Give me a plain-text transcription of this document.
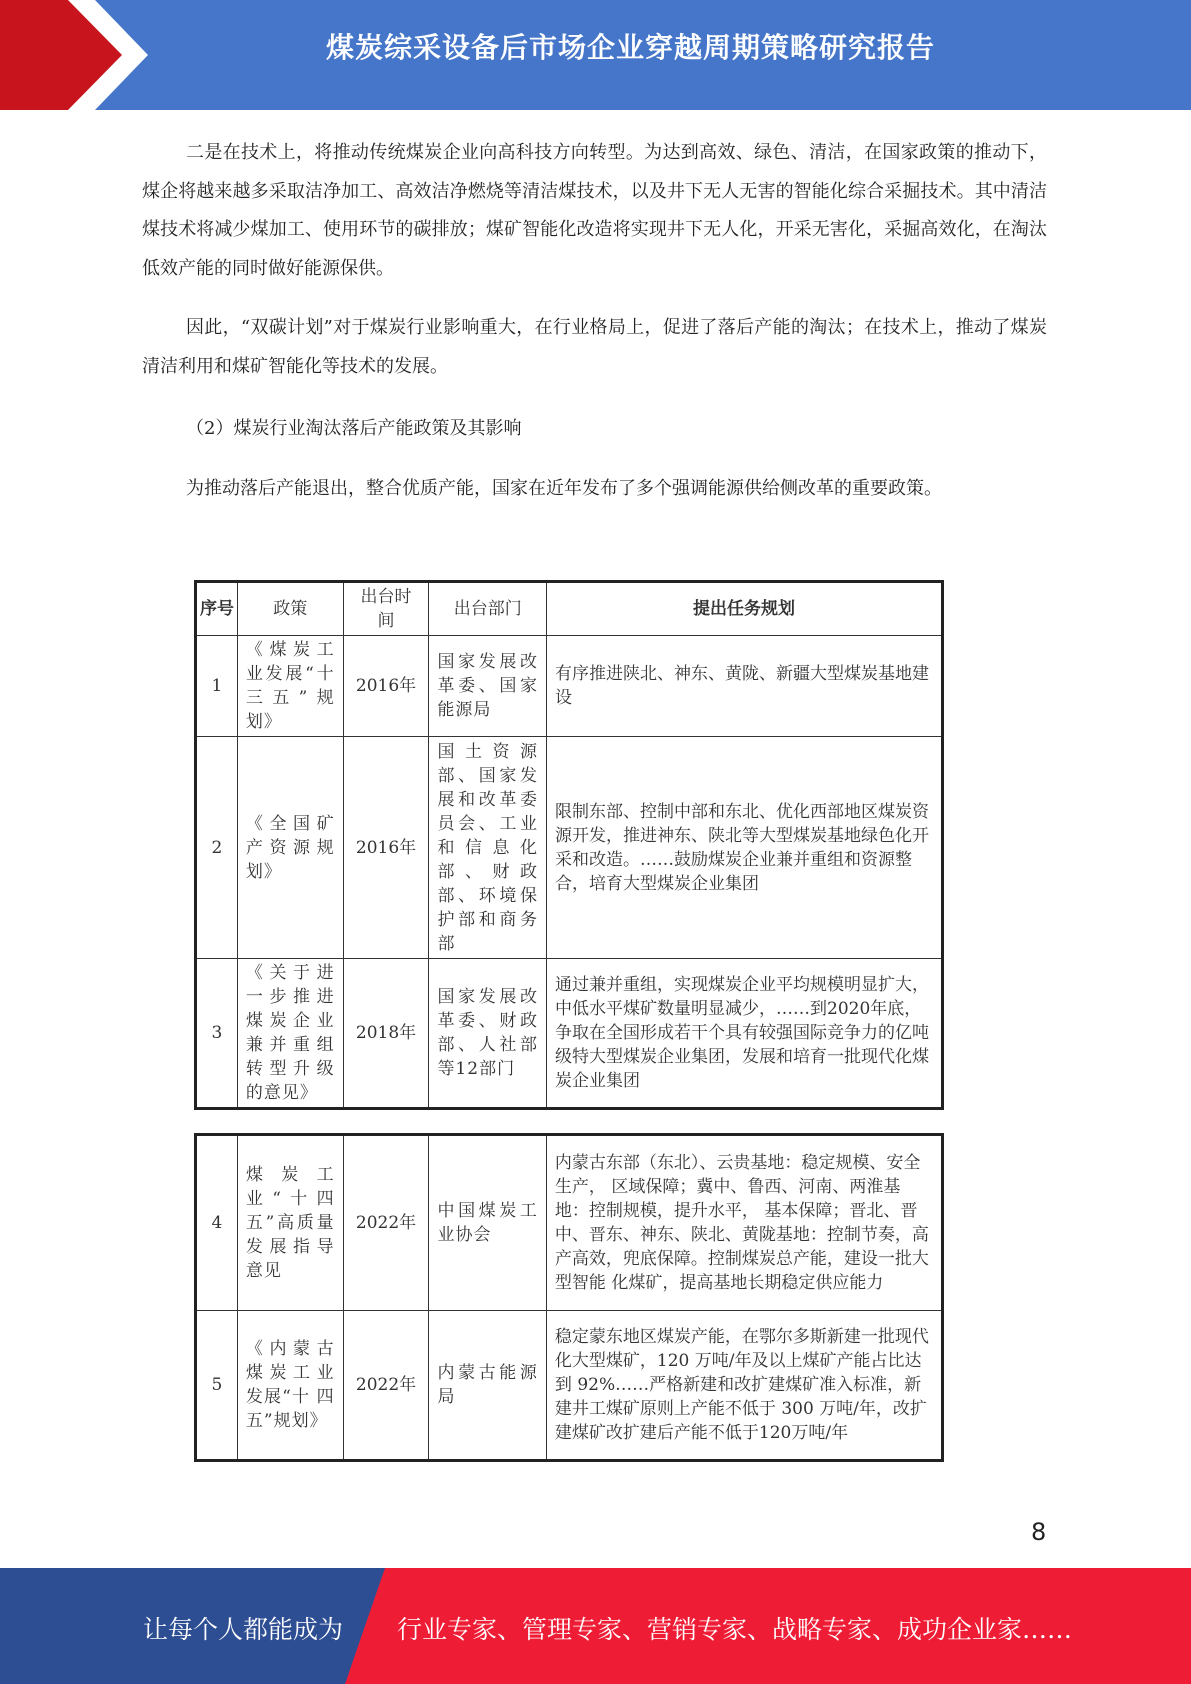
煤炭综采设备后市场企业穿越周期策略研究报告

二是在技术上，将推动传统煤炭企业向高科技方向转型。为达到高效、绿色、清洁，在国家政策的推动下，煤企将越来越多采取洁净加工、高效洁净燃烧等清洁煤技术，以及井下无人无害的智能化综合采掘技术。其中清洁煤技术将减少煤加工、使用环节的碳排放；煤矿智能化改造将实现井下无人化，开采无害化，采掘高效化，在淘汰低效产能的同时做好能源保供。

因此，“双碳计划”对于煤炭行业影响重大，在行业格局上，促进了落后产能的淘汰；在技术上，推动了煤炭清洁利用和煤矿智能化等技术的发展。

（2）煤炭行业淘汰落后产能政策及其影响

为推动落后产能退出，整合优质产能，国家在近年发布了多个强调能源供给侧改革的重要政策。

序号	政策	出台时间	出台部门	提出任务规划
1	《煤炭工业发展“十三五”规划》	2016年	国家发展改革委、国家能源局	有序推进陕北、神东、黄陇、新疆大型煤炭基地建设
2	《全国矿产资源规划》	2016年	国土资源部、国家发展和改革委员会、工业和信息化部、财政部、环境保护部和商务部	限制东部、控制中部和东北、优化西部地区煤炭资源开发，推进神东、陕北等大型煤炭基地绿色化开采和改造。……鼓励煤炭企业兼并重组和资源整合，培育大型煤炭企业集团
3	《关于进一步推进煤炭企业兼并重组转型升级的意见》	2018年	国家发展改革委、财政部、人社部等12部门	通过兼并重组，实现煤炭企业平均规模明显扩大，中低水平煤矿数量明显减少，……到2020年底，争取在全国形成若干个具有较强国际竞争力的亿吨级特大型煤炭企业集团，发展和培育一批现代化煤炭企业集团
4	煤炭工业“十四五”高质量发展指导意见	2022年	中国煤炭工业协会	内蒙古东部（东北）、云贵基地：稳定规模、安全生产， 区域保障；冀中、鲁西、河南、两淮基地：控制规模，提升水平， 基本保障；晋北、晋中、晋东、神东、陕北、黄陇基地：控制节奏，高产高效，兜底保障。控制煤炭总产能，建设一批大型智能 化煤矿，提高基地长期稳定供应能力
5	《内蒙古煤炭工业发展“十 四五”规划》	2022年	内蒙古能源局	稳定蒙东地区煤炭产能，在鄂尔多斯新建一批现代化大型煤矿，120 万吨/年及以上煤矿产能占比达到 92%……严格新建和改扩建煤矿准入标准，新建井工煤矿原则上产能不低于 300 万吨/年，改扩建煤矿改扩建后产能不低于120万吨/年
8
让每个人都能成为 行业专家、管理专家、营销专家、战略专家、成功企业家……
